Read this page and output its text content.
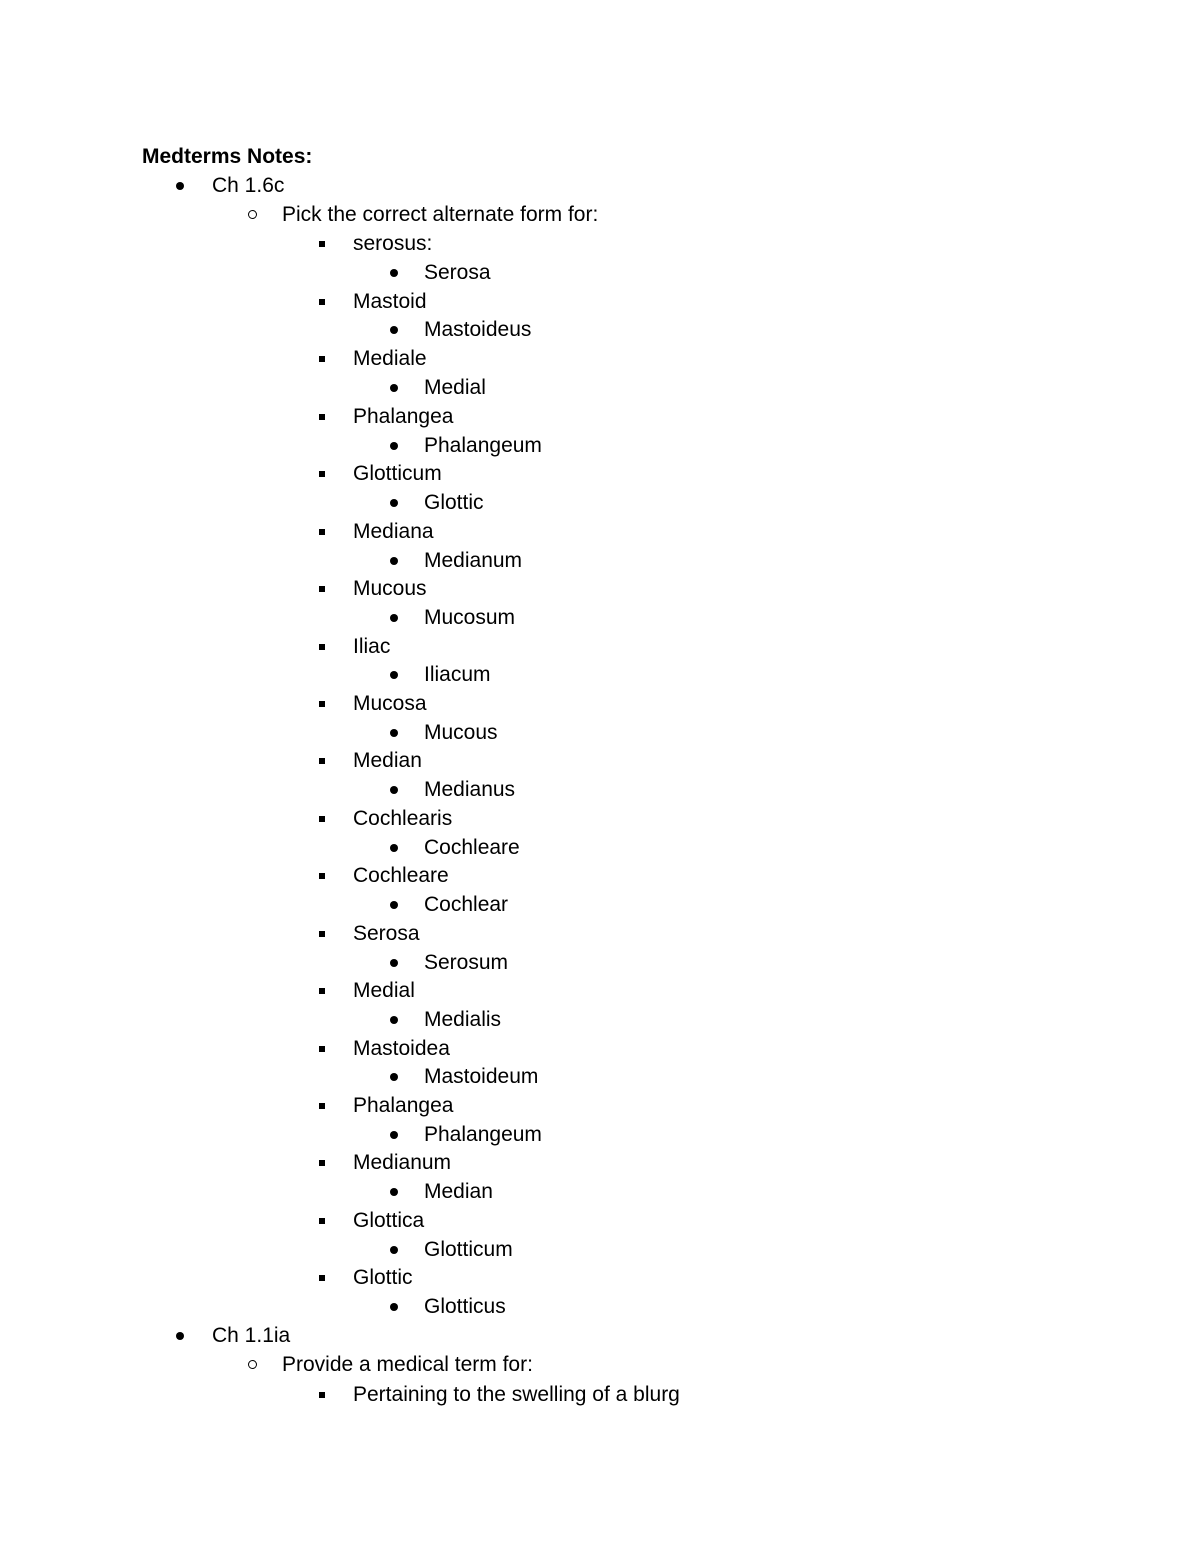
Medterms Notes:
Ch 1.6c
Pick the correct alternate form for:
serosus:
Serosa
Mastoid
Mastoideus
Mediale
Medial
Phalangea
Phalangeum
Glotticum
Glottic
Mediana
Medianum
Mucous
Mucosum
Iliac
Iliacum
Mucosa
Mucous
Median
Medianus
Cochlearis
Cochleare
Cochleare
Cochlear
Serosa
Serosum
Medial
Medialis
Mastoidea
Mastoideum
Phalangea
Phalangeum
Medianum
Median
Glottica
Glotticum
Glottic
Glotticus
Ch 1.1ia
Provide a medical term for:
Pertaining to the swelling of a blurg
